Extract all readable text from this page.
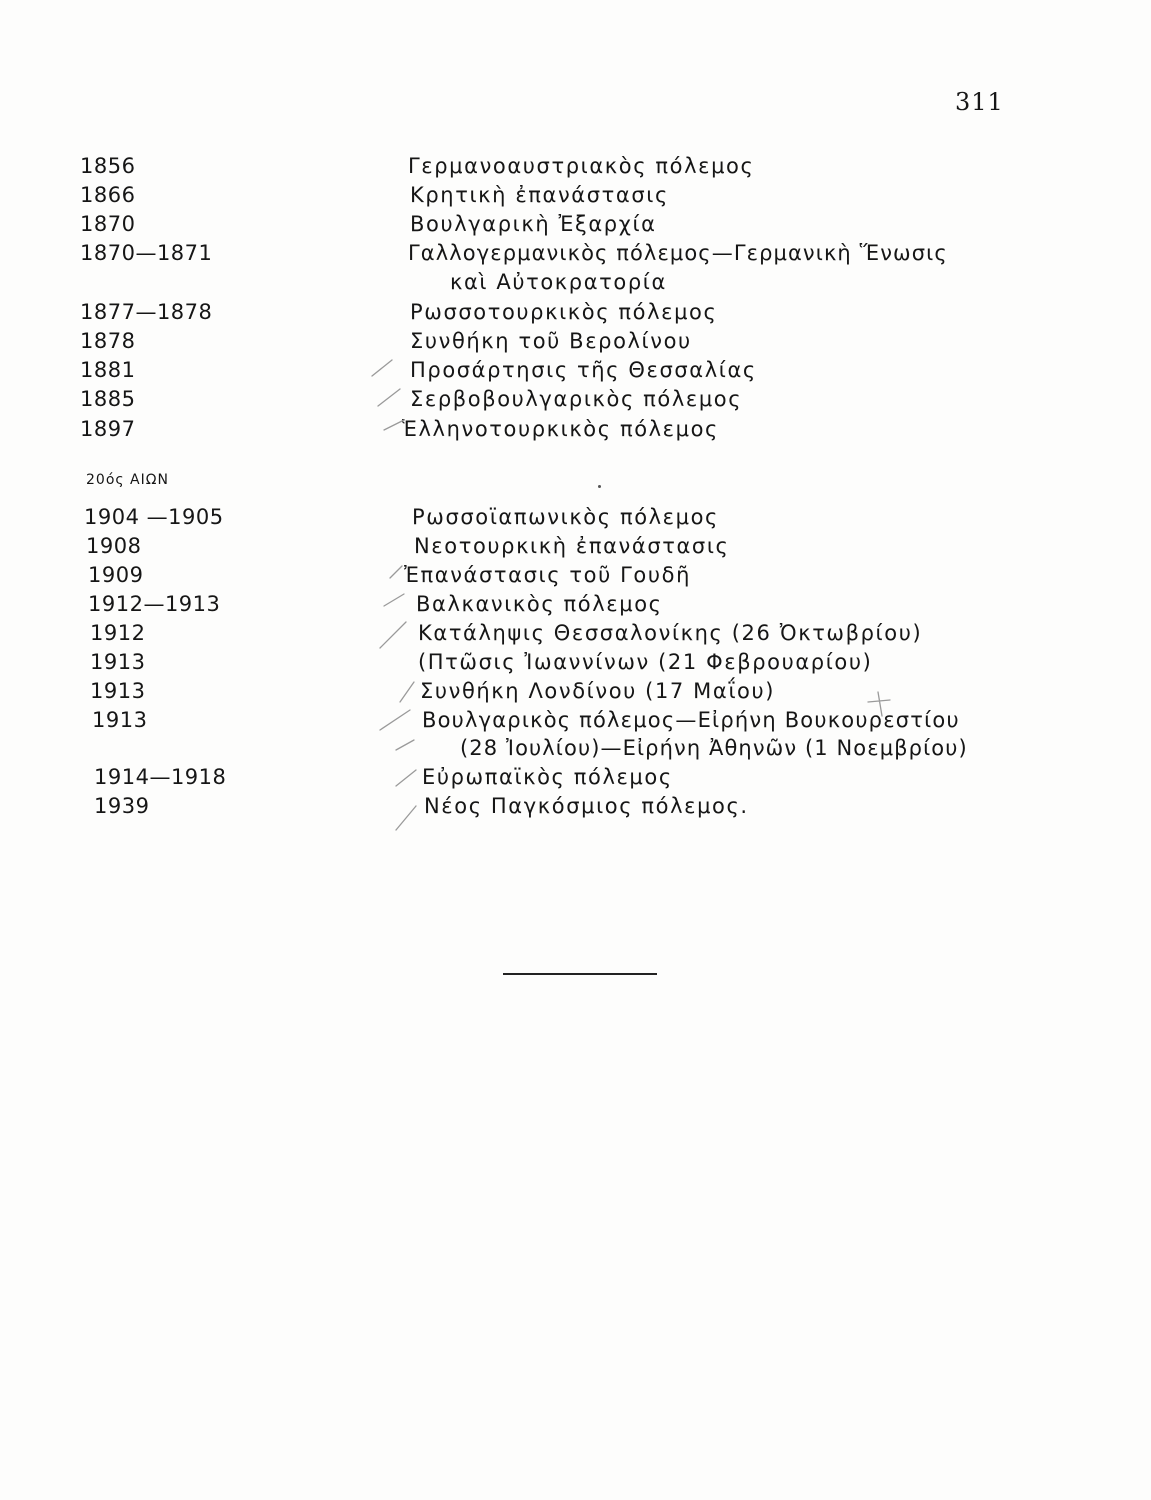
311
1856	Γερμανοαυστριακὸς πόλεμος
1866	Κρητικὴ ἐπανάστασις
1870	Βουλγαρικὴ Ἐξαρχία
1870—1871	Γαλλογερμανικὸς πόλεμος—Γερμανικὴ Ἕνωσις
καὶ Αὐτοκρατορία
1877—1878	Ρωσσοτουρκικὸς πόλεμος
1878	Συνθήκη τοῦ Βερολίνου
1881	Προσάρτησις τῆς Θεσσαλίας
1885	Σερβοβουλγαρικὸς πόλεμος
1897	Ἑλληνοτουρκικὸς πόλεμος
20ός ΑΙΩΝ
1904 —1905	Ρωσσοϊαπωνικὸς πόλεμος
1908	Νεοτουρκικὴ ἐπανάστασις
1909	Ἐπανάστασις τοῦ Γουδῆ
1912—1913	Βαλκανικὸς πόλεμος
1912	Κατάληψις Θεσσαλονίκης (26 Ὀκτωβρίου)
1913	(Πτῶσις Ἰωαννίνων (21 Φεβρουαρίου)
1913	Συνθήκη Λονδίνου (17 Μαΐου)
1913	Βουλγαρικὸς πόλεμος—Εἰρήνη Βουκουρεστίου
(28 Ἰουλίου)—Εἰρήνη Ἀθηνῶν (1 Νοεμβρίου)
1914—1918	Εὐρωπαϊκὸς πόλεμος
1939	Νέος Παγκόσμιος πόλεμος.
